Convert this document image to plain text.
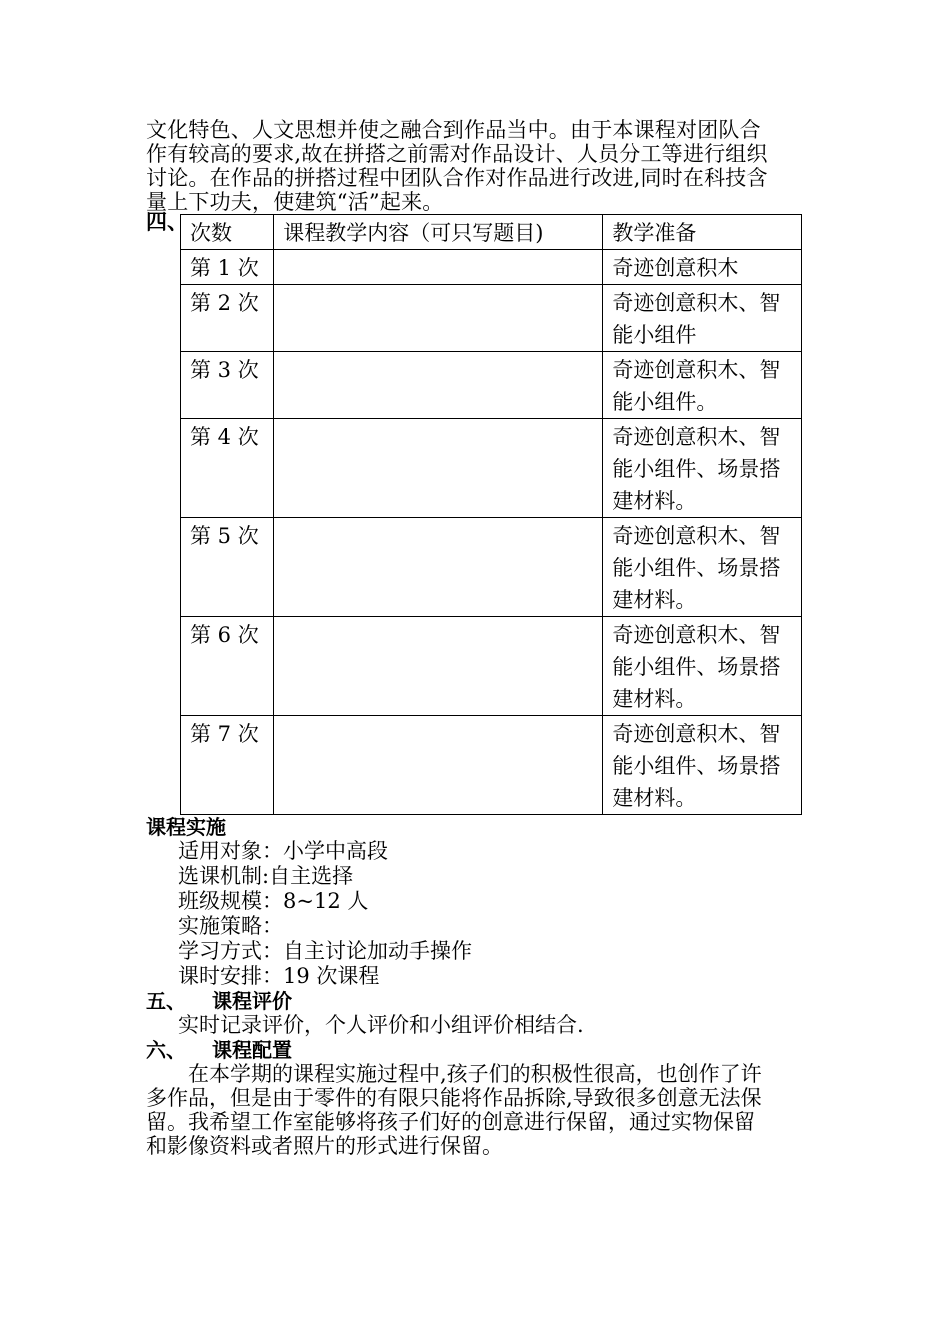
文化特色、人文思想并使之融合到作品当中。由于本课程对团队合

作有较高的要求,故在拼搭之前需对作品设计、人员分工等进行组织

讨论。在作品的拼搭过程中团队合作对作品进行改进,同时在科技含

量上下功夫，使建筑“活”起来。

四、 次数	课程教学内容（可只写题目)	教学准备
第 1 次		奇迹创意积木
第 2 次		奇迹创意积木、智能小组件
第 3 次		奇迹创意积木、智能小组件。
第 4 次		奇迹创意积木、智能小组件、场景搭建材料。
第 5 次		奇迹创意积木、智能小组件、场景搭建材料。
第 6 次		奇迹创意积木、智能小组件、场景搭建材料。
第 7 次		奇迹创意积木、智能小组件、场景搭建材料。

课程实施

适用对象：小学中高段

选课机制:自主选择

班级规模：8~12 人

实施策略：

学习方式：自主讨论加动手操作

课时安排：19 次课程

五、 课程评价

实时记录评价，个人评价和小组评价相结合.

六、 课程配置

在本学期的课程实施过程中,孩子们的积极性很高，也创作了许

多作品，但是由于零件的有限只能将作品拆除,导致很多创意无法保

留。我希望工作室能够将孩子们好的创意进行保留，通过实物保留

和影像资料或者照片的形式进行保留。
